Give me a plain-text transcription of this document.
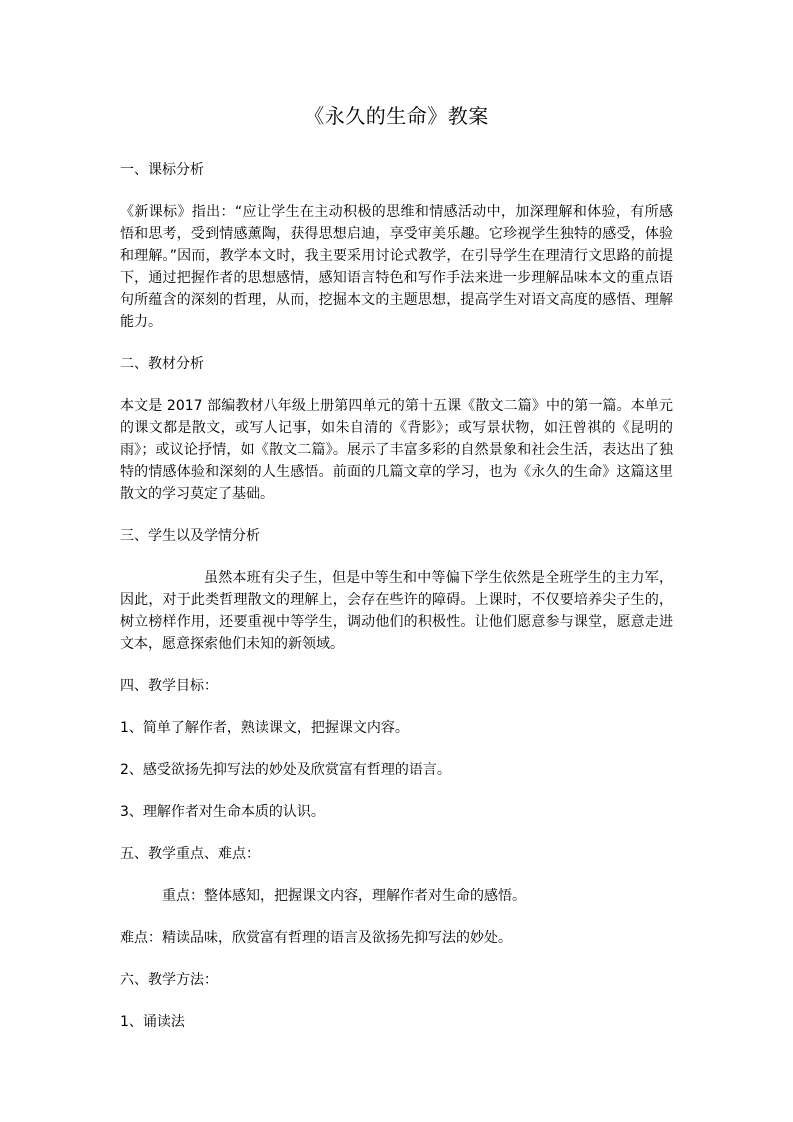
《永久的生命》教案

一、课标分析

《新课标》指出：“应让学生在主动积极的思维和情感活动中，加深理解和体验，有所感悟和思考，受到情感薰陶，获得思想启迪，享受审美乐趣。它珍视学生独特的感受，体验和理解。”因而，教学本文时，我主要采用讨论式教学，在引导学生在理清行文思路的前提下，通过把握作者的思想感情，感知语言特色和写作手法来进一步理解品味本文的重点语句所蕴含的深刻的哲理，从而，挖掘本文的主题思想，提高学生对语文高度的感悟、理解能力。

二、教材分析

本文是 2017 部编教材八年级上册第四单元的第十五课《散文二篇》中的第一篇。本单元的课文都是散文，或写人记事，如朱自清的《背影》；或写景状物，如汪曾祺的《昆明的雨》；或议论抒情，如《散文二篇》。展示了丰富多彩的自然景象和社会生活，表达出了独特的情感体验和深刻的人生感悟。前面的几篇文章的学习，也为《永久的生命》这篇这里散文的学习莫定了基础。

三、学生以及学情分析

虽然本班有尖子生，但是中等生和中等偏下学生依然是全班学生的主力军，因此，对于此类哲理散文的理解上，会存在些许的障碍。上课时，不仅要培养尖子生的，树立榜样作用，还要重视中等学生，调动他们的积极性。让他们愿意参与课堂，愿意走进文本，愿意探索他们未知的新领域。

四、教学目标：

1、简单了解作者，熟读课文，把握课文内容。

2、感受欲扬先抑写法的妙处及欣赏富有哲理的语言。

3、理解作者对生命本质的认识。

五、教学重点、难点：

重点：整体感知，把握课文内容，理解作者对生命的感悟。

难点：精读品味，欣赏富有哲理的语言及欲扬先抑写法的妙处。

六、教学方法：

1、诵读法
